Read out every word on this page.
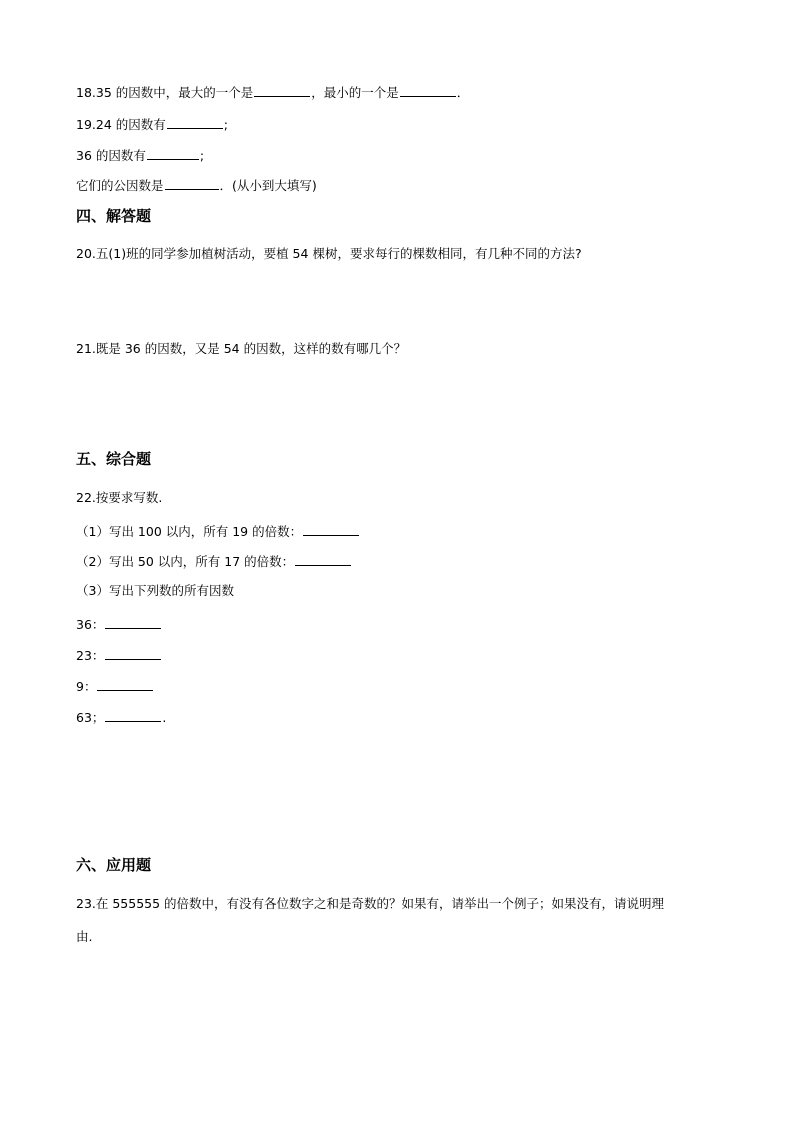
18.35 的因数中，最大的一个是	，最小的一个是	．
19.24 的因数有	;
36 的因数有	;
它们的公因数是	．(从小到大填写)
四、解答题
20.五(1)班的同学参加植树活动，要植 54 棵树，要求每行的棵数相同，有几种不同的方法?
21.既是 36 的因数，又是 54 的因数，这样的数有哪几个？
五、综合题
22.按要求写数.
（1）写出 100 以内，所有 19 的倍数：
（2）写出 50 以内，所有 17 的倍数：
（3）写出下列数的所有因数
36：
23：
9：
63；	.
六、应用题
23.在 555555 的倍数中，有没有各位数字之和是奇数的？如果有，请举出一个例子；如果没有，请说明理
由.
